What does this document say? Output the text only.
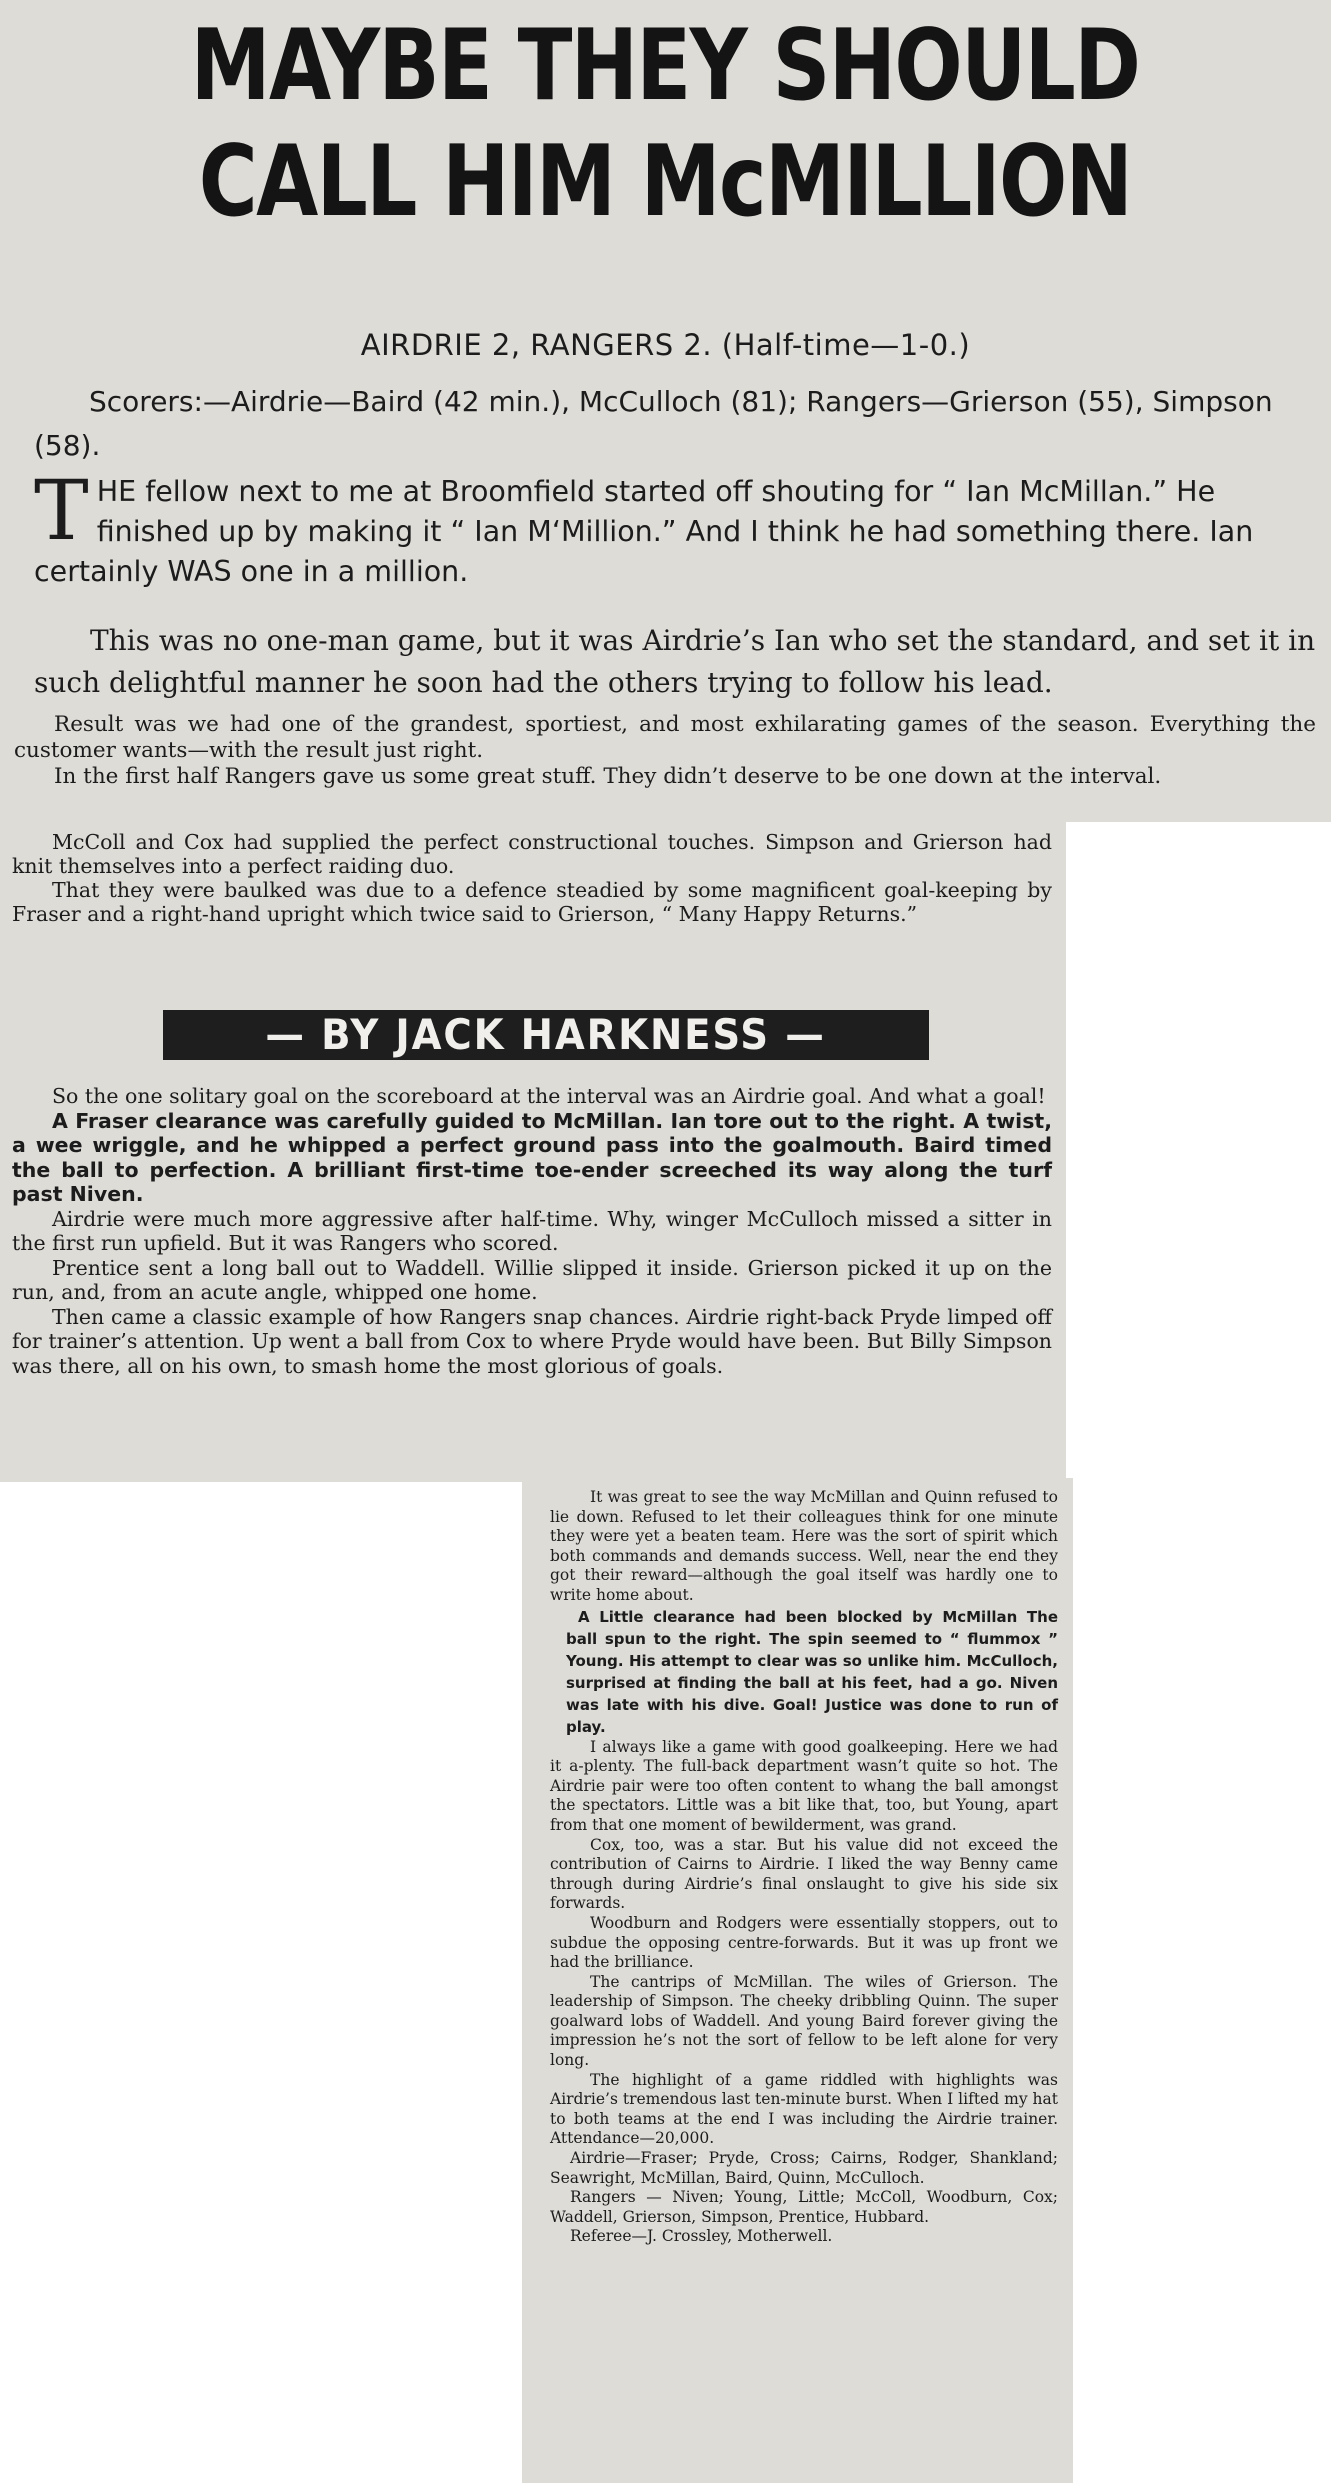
MAYBE THEY SHOULD
CALL HIM McMILLION
AIRDRIE 2, RANGERS 2. (Half-time—1-0.)
Scorers:—Airdrie—Baird (42 min.), McCulloch (81); Rangers—Grierson (55), Simpson (58).
T HE fellow next to me at Broomfield started off shouting for “ Ian McMillan.” He finished up by making it “ Ian M‘Million.” And I think he had something there. Ian certainly WAS one in a million.
This was no one-man game, but it was Airdrie’s Ian who set the standard, and set it in such delightful manner he soon had the others trying to follow his lead.

Result was we had one of the grandest, sportiest, and most exhilarating games of the season. Everything the customer wants—with the result just right.

In the first half Rangers gave us some great stuff. They didn’t deserve to be one down at the interval.

McColl and Cox had supplied the perfect constructional touches. Simpson and Grierson had knit themselves into a perfect raiding duo.

That they were baulked was due to a defence steadied by some magnificent goal-keeping by Fraser and a right-hand upright which twice said to Grierson, “ Many Happy Returns.”

— BY JACK HARKNESS —

So the one solitary goal on the scoreboard at the interval was an Airdrie goal. And what a goal!

A Fraser clearance was carefully guided to McMillan. Ian tore out to the right. A twist, a wee wriggle, and he whipped a perfect ground pass into the goalmouth. Baird timed the ball to perfection. A brilliant first-time toe-ender screeched its way along the turf past Niven.

Airdrie were much more aggressive after half-time. Why, winger McCulloch missed a sitter in the first run upfield. But it was Rangers who scored.

Prentice sent a long ball out to Waddell. Willie slipped it inside. Grierson picked it up on the run, and, from an acute angle, whipped one home.

Then came a classic example of how Rangers snap chances. Airdrie right-back Pryde limped off for trainer’s attention. Up went a ball from Cox to where Pryde would have been. But Billy Simpson was there, all on his own, to smash home the most glorious of goals.

It was great to see the way McMillan and Quinn refused to lie down. Refused to let their colleagues think for one minute they were yet a beaten team. Here was the sort of spirit which both commands and demands success. Well, near the end they got their reward—although the goal itself was hardly one to write home about.

A Little clearance had been blocked by McMillan The ball spun to the right. The spin seemed to “ flummox ” Young. His attempt to clear was so unlike him. McCulloch, surprised at finding the ball at his feet, had a go. Niven was late with his dive. Goal! Justice was done to run of play.

I always like a game with good goalkeeping. Here we had it a-plenty. The full-back department wasn’t quite so hot. The Airdrie pair were too often content to whang the ball amongst the spectators. Little was a bit like that, too, but Young, apart from that one moment of bewilderment, was grand.

Cox, too, was a star. But his value did not exceed the contribution of Cairns to Airdrie. I liked the way Benny came through during Airdrie’s final onslaught to give his side six forwards.

Woodburn and Rodgers were essentially stoppers, out to subdue the opposing centre-forwards. But it was up front we had the brilliance.

The cantrips of McMillan. The wiles of Grierson. The leadership of Simpson. The cheeky dribbling Quinn. The super goalward lobs of Waddell. And young Baird forever giving the impression he’s not the sort of fellow to be left alone for very long.

The highlight of a game riddled with highlights was Airdrie’s tremendous last ten-minute burst. When I lifted my hat to both teams at the end I was including the Airdrie trainer. Attendance—20,000.

Airdrie—Fraser; Pryde, Cross; Cairns, Rodger, Shankland; Seawright, McMillan, Baird, Quinn, McCulloch.

Rangers — Niven; Young, Little; McColl, Woodburn, Cox; Waddell, Grierson, Simpson, Prentice, Hubbard.

Referee—J. Crossley, Motherwell.
